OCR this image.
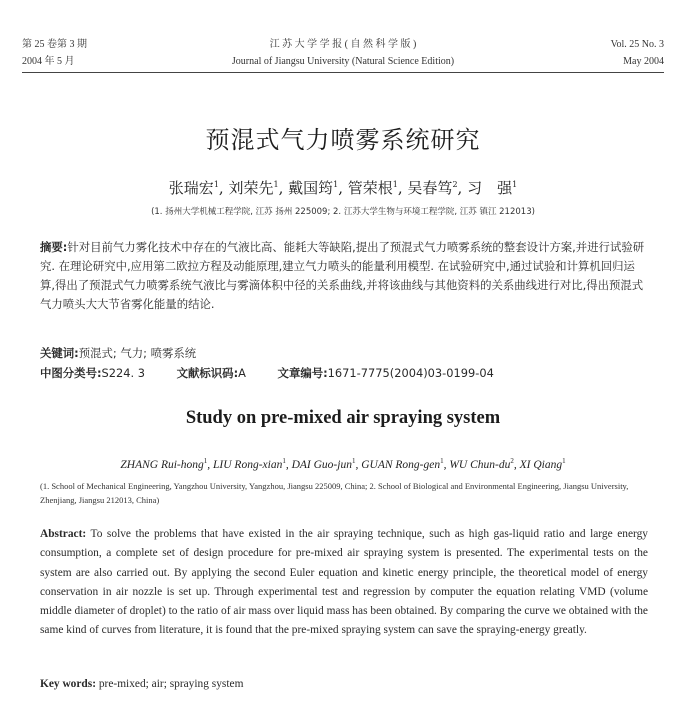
第 25 卷第 3 期
2004 年 5 月
江 苏 大 学 学 报 ( 自 然 科 学 版 )
Journal of Jiangsu University (Natural Science Edition)
Vol. 25 No. 3
May 2004
预混式气力喷雾系统研究
张瑞宏$^1$, 刘荣先$^1$, 戴国筠$^1$, 管荣根$^1$, 吴春笃$^2$, 习　强$^1$
(1. 扬州大学机械工程学院, 江苏 扬州 225009; 2. 江苏大学生物与环境工程学院, 江苏 镇江 212013)
摘要:针对目前气力雾化技术中存在的气液比高、能耗大等缺陷,提出了预混式气力喷雾系统的整套设计方案,并进行试验研究. 在理论研究中,应用第二欧拉方程及动能原理,建立气力喷头的能量利用模型. 在试验研究中,通过试验和计算机回归运算,得出了预混式气力喷雾系统气液比与雾滴体积中径的关系曲线,并将该曲线与其他资料的关系曲线进行对比,得出预混式气力喷头大大节省雾化能量的结论.
关键词:预混式; 气力; 喷雾系统
中图分类号:S224. 3	文献标识码:A	文章编号:1671-7775(2004)03-0199-04
Study on pre-mixed air spraying system
ZHANG Rui-hong$^1$, LIU Rong-xian$^1$, DAI Guo-jun$^1$, GUAN Rong-gen$^1$, WU Chun-$du^2$, XI Qiang$^1$
(1. School of Mechanical Engineering, Yangzhou University, Yangzhou, Jiangsu 225009, China; 2. School of Biological and Environmental Engineering, Jiangsu University, Zhenjiang, Jiangsu 212013, China)
Abstract: To solve the problems that have existed in the air spraying technique, such as high gas-liquid ratio and large energy consumption, a complete set of design procedure for pre-mixed air spraying system is presented. The experimental tests on the system are also carried out. By applying the second Euler equation and kinetic energy principle, the theoretical model of energy conservation in air nozzle is set up. Through experimental test and regression by computer the equation relating VMD (volume middle diameter of droplet) to the ratio of air mass over liquid mass has been obtained. By comparing the curve we obtained with the same kind of curves from literature, it is found that the pre-mixed spraying system can save the spraying-energy greatly.
Key words: pre-mixed; air; spraying system
